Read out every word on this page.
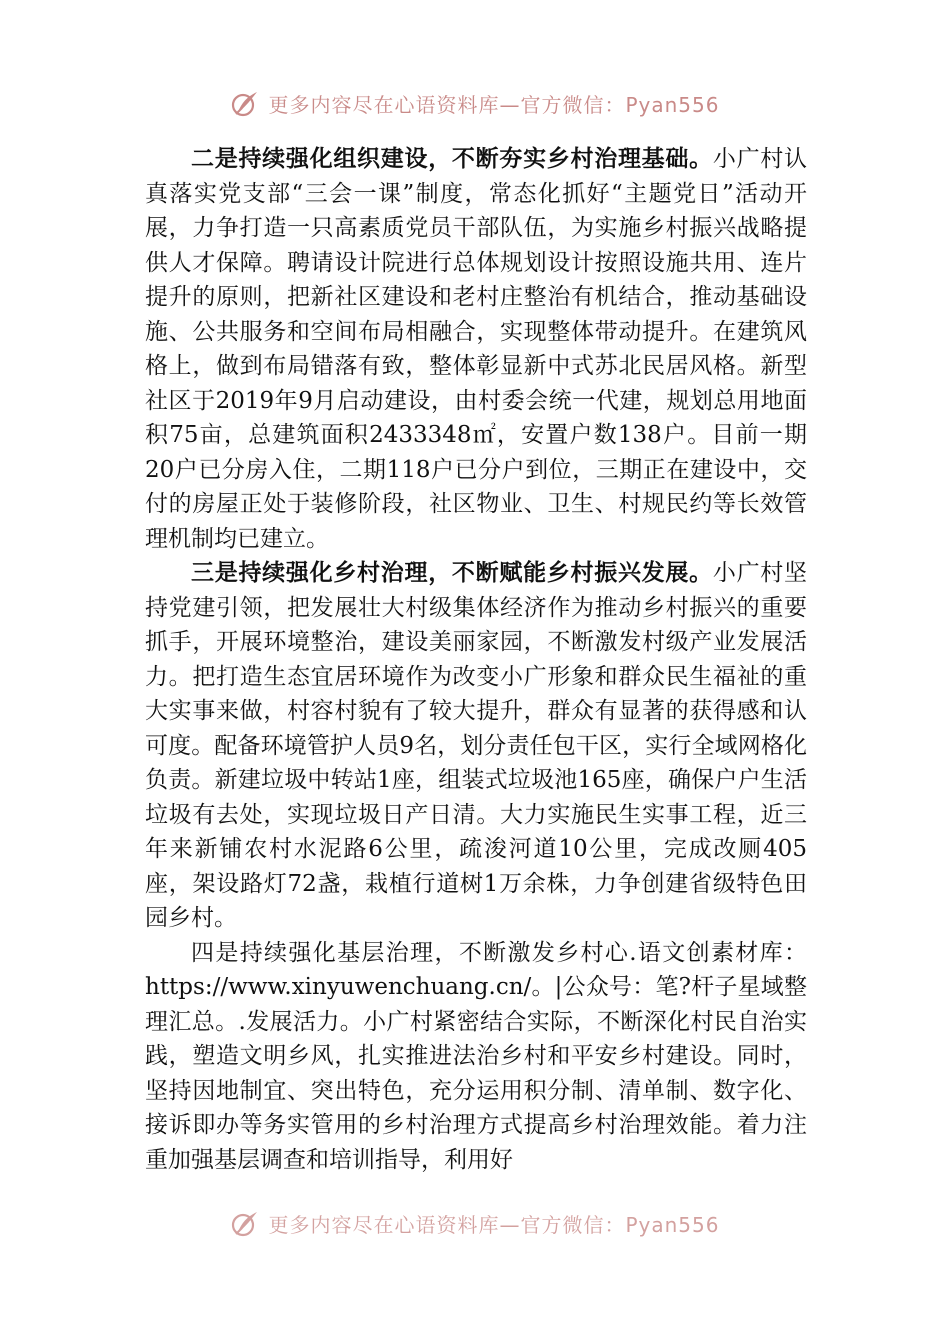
更多内容尽在心语资料库—官方微信：Pyan556

二是持续强化组织建设，不断夯实乡村治理基础。小广村认真落实党支部“三会一课”制度，常态化抓好“主题党日”活动开展，力争打造一只高素质党员干部队伍，为实施乡村振兴战略提供人才保障。聘请设计院进行总体规划设计按照设施共用、连片提升的原则，把新社区建设和老村庄整治有机结合，推动基础设施、公共服务和空间布局相融合，实现整体带动提升。在建筑风格上，做到布局错落有致，整体彰显新中式苏北民居风格。新型社区于2019年9月启动建设，由村委会统一代建，规划总用地面积75亩，总建筑面积2433348㎡，安置户数138户。目前一期20户已分房入住，二期118户已分户到位，三期正在建设中，交付的房屋正处于装修阶段，社区物业、卫生、村规民约等长效管理机制均已建立。

三是持续强化乡村治理，不断赋能乡村振兴发展。小广村坚持党建引领，把发展壮大村级集体经济作为推动乡村振兴的重要抓手，开展环境整治，建设美丽家园，不断激发村级产业发展活力。把打造生态宜居环境作为改变小广形象和群众民生福祉的重大实事来做，村容村貌有了较大提升，群众有显著的获得感和认可度。配备环境管护人员9名，划分责任包干区，实行全域网格化负责。新建垃圾中转站1座，组装式垃圾池165座，确保户户生活垃圾有去处，实现垃圾日产日清。大力实施民生实事工程，近三年来新铺农村水泥路6公里，疏浚河道10公里，完成改厕405座，架设路灯72盏，栽植行道树1万余株，力争创建省级特色田园乡村。

四是持续强化基层治理，不断激发乡村心.语文创素材库：https://www.xinyuwenchuang.cn/。|公众号：笔?杆子星域整理汇总。.发展活力。小广村紧密结合实际，不断深化村民自治实践，塑造文明乡风，扎实推进法治乡村和平安乡村建设。同时，坚持因地制宜、突出特色，充分运用积分制、清单制、数字化、接诉即办等务实管用的乡村治理方式提高乡村治理效能。着力注重加强基层调查和培训指导，利用好

更多内容尽在心语资料库—官方微信：Pyan556
